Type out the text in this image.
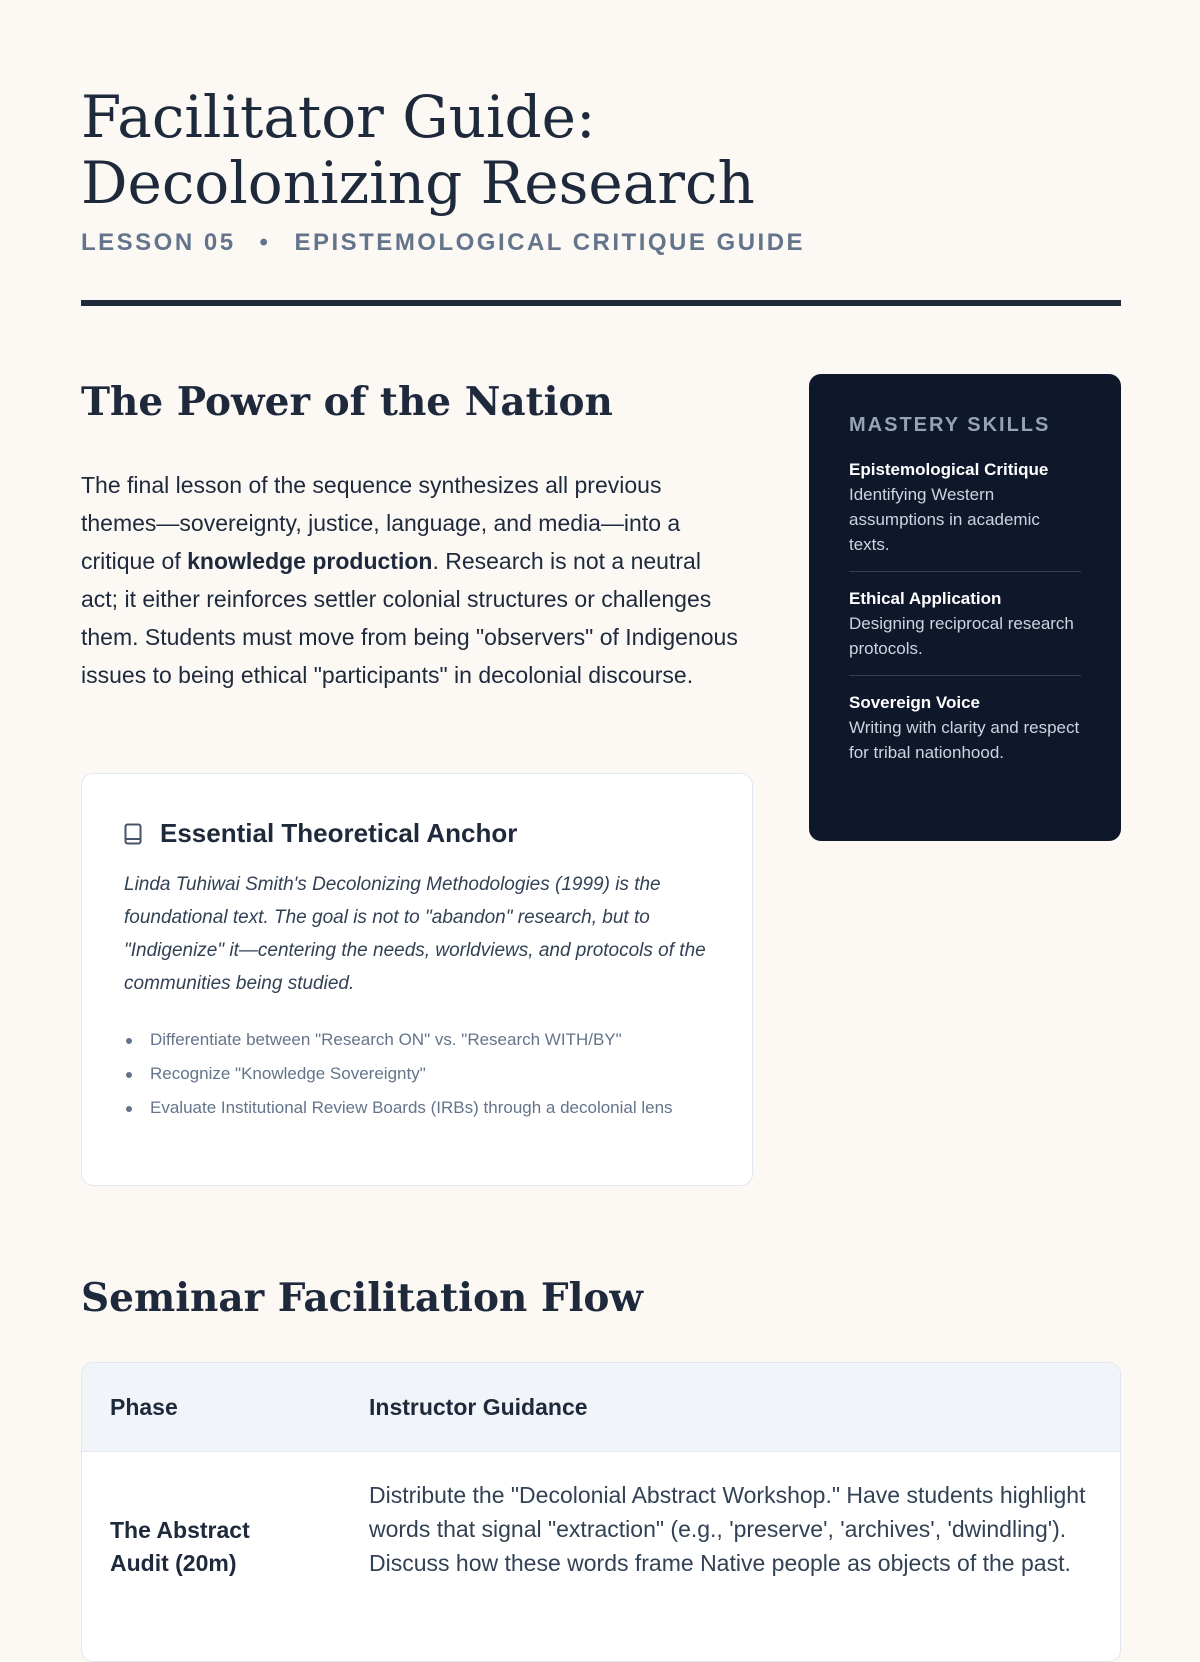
Facilitator Guide: Decolonizing Research
LESSON 05 • EPISTEMOLOGICAL CRITIQUE GUIDE
The Power of the Nation

The final lesson of the sequence synthesizes all previous themes—sovereignty, justice, language, and media—into a critique of knowledge production. Research is not a neutral act; it either reinforces settler colonial structures or challenges them. Students must move from being "observers" of Indigenous issues to being ethical "participants" in decolonial discourse.

Essential Theoretical Anchor

Linda Tuhiwai Smith's Decolonizing Methodologies (1999) is the foundational text. The goal is not to "abandon" research, but to "Indigenize" it—centering the needs, worldviews, and protocols of the communities being studied.

Differentiate between "Research ON" vs. "Research WITH/BY"
Recognize "Knowledge Sovereignty"
Evaluate Institutional Review Boards (IRBs) through a decolonial lens
MASTERY SKILLS
Epistemological Critique
Identifying Western assumptions in academic texts.
Ethical Application
Designing reciprocal research protocols.
Sovereign Voice
Writing with clarity and respect for tribal nationhood.
Seminar Facilitation Flow
Phase	Instructor Guidance
The Abstract Audit (20m)
Distribute the "Decolonial Abstract Workshop." Have students highlight words that signal "extraction" (e.g., 'preserve', 'archives', 'dwindling'). Discuss how these words frame Native people as objects of the past.
